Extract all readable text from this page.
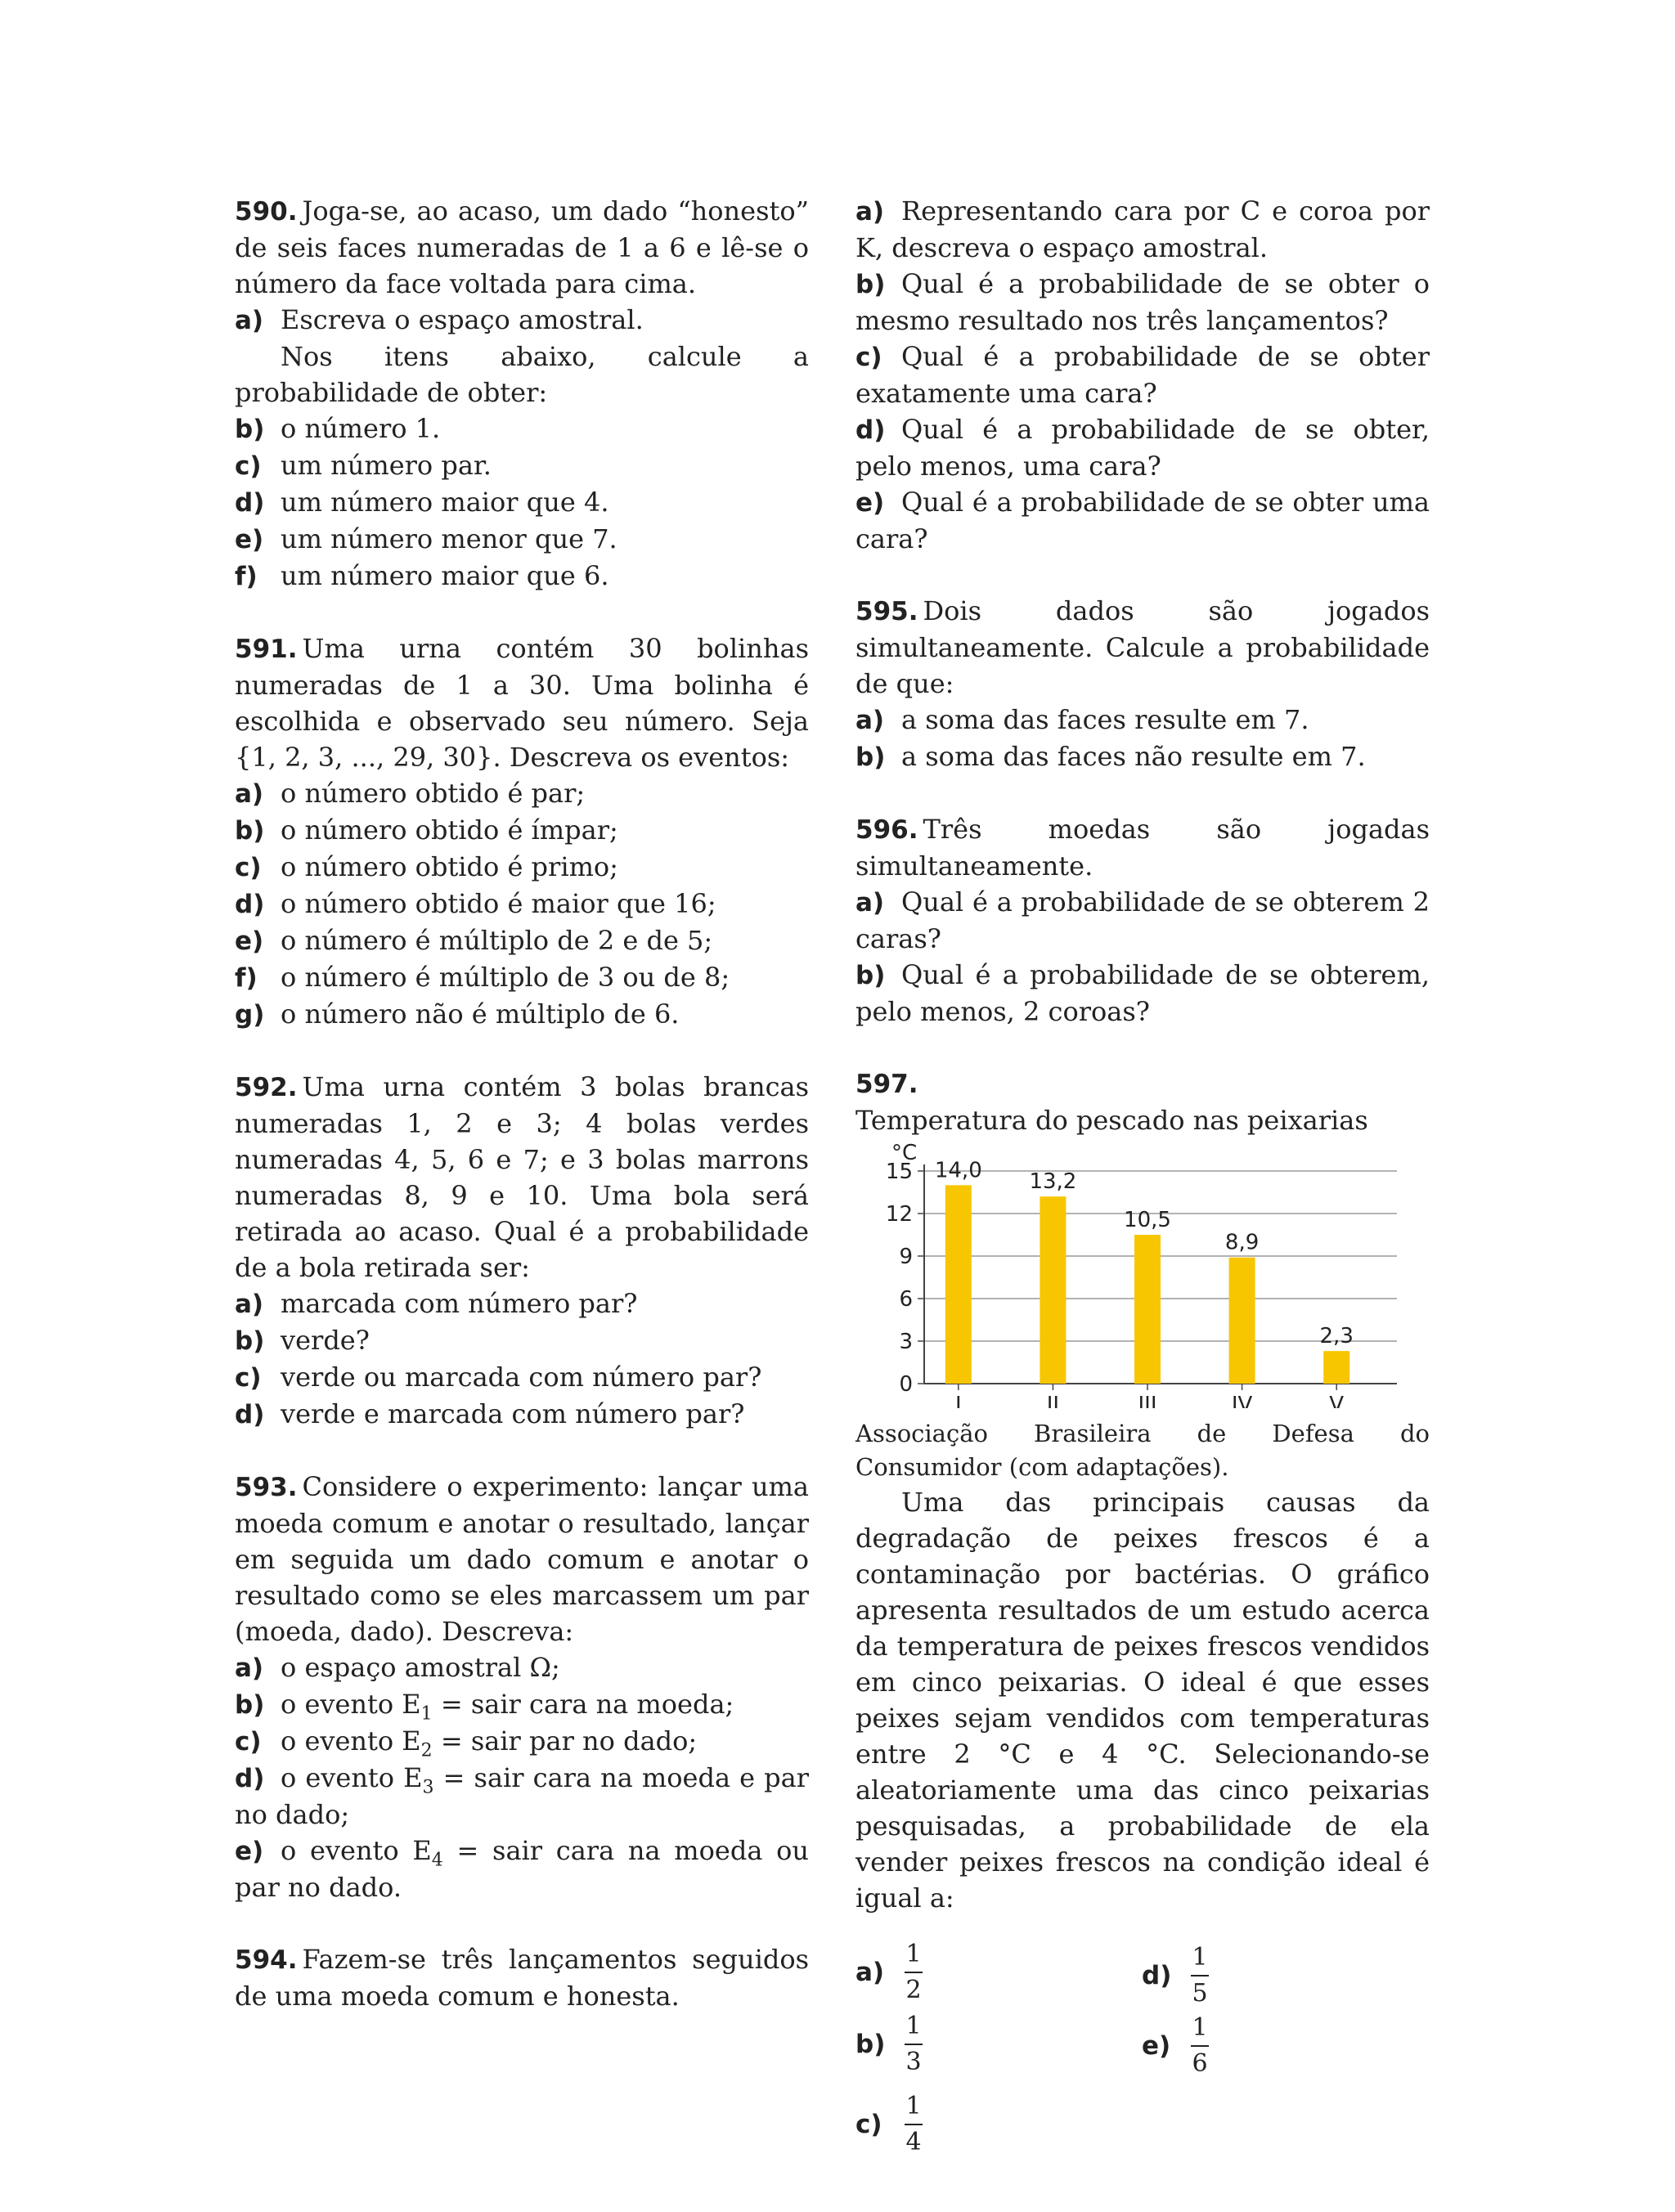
590. Joga-se, ao acaso, um dado “honesto” de seis faces numeradas de 1 a 6 e lê-se o número da face voltada para cima.

a) Escreva o espaço amostral.

Nos itens abaixo, calcule a probabilidade de obter:

b) o número 1.

c) um número par.

d) um número maior que 4.

e) um número menor que 7.

f) um número maior que 6.

591. Uma urna contém 30 bolinhas numeradas de 1 a 30. Uma bolinha é escolhida e observado seu número. Seja {1, 2, 3, ..., 29, 30}. Descreva os eventos:

a) o número obtido é par;

b) o número obtido é ímpar;

c) o número obtido é primo;

d) o número obtido é maior que 16;

e) o número é múltiplo de 2 e de 5;

f) o número é múltiplo de 3 ou de 8;

g) o número não é múltiplo de 6.

592. Uma urna contém 3 bolas brancas numeradas 1, 2 e 3; 4 bolas verdes numeradas 4, 5, 6 e 7; e 3 bolas marrons numeradas 8, 9 e 10. Uma bola será retirada ao acaso. Qual é a probabilidade de a bola retirada ser:

a) marcada com número par?

b) verde?

c) verde ou marcada com número par?

d) verde e marcada com número par?

593. Considere o experimento: lançar uma moeda comum e anotar o resultado, lançar em seguida um dado comum e anotar o resultado como se eles marcassem um par (moeda, dado). Descreva:

a) o espaço amostral Ω;

b) o evento $E_1$ = sair cara na moeda;

c) o evento $E_2$ = sair par no dado;

d) o evento $E_3$ = sair cara na moeda e par no dado;

e) o evento $E_4$ = sair cara na moeda ou par no dado.

594. Fazem-se três lançamentos seguidos de uma moeda comum e honesta.

a) Representando cara por C e coroa por K, descreva o espaço amostral.

b) Qual é a probabilidade de se obter o mesmo resultado nos três lançamentos?

c) Qual é a probabilidade de se obter exatamente uma cara?

d) Qual é a probabilidade de se obter, pelo menos, uma cara?

e) Qual é a probabilidade de se obter uma cara?

595. Dois dados são jogados simultaneamente. Calcule a probabilidade de que:

a) a soma das faces resulte em 7.

b) a soma das faces não resulte em 7.

596. Três moedas são jogadas simultaneamente.

a) Qual é a probabilidade de se obterem 2 caras?

b) Qual é a probabilidade de se obterem, pelo menos, 2 coroas?

597.

Temperatura do pescado nas peixarias

°C
0
3
6
9
12
15 14,0
I
13,2
II
10,5
III
8,9
IV
2,3
V

Associação Brasileira de Defesa do Consumidor (com adaptações).

Uma das principais causas da degradação de peixes frescos é a contaminação por bactérias. O gráfico apresenta resultados de um estudo acerca da temperatura de peixes frescos vendidos em cinco peixarias. O ideal é que esses peixes sejam vendidos com temperaturas entre 2 °C e 4 °C. Selecionando-se aleatoriamente uma das cinco peixarias pesquisadas, a probabilidade de ela vender peixes frescos na condição ideal é igual a:

$a) \frac{1}{2}$
$b) \frac{1}{3}$
$c) \frac{1}{4}$
$d) \frac{1}{5}$
$e) \frac{1}{6}$
